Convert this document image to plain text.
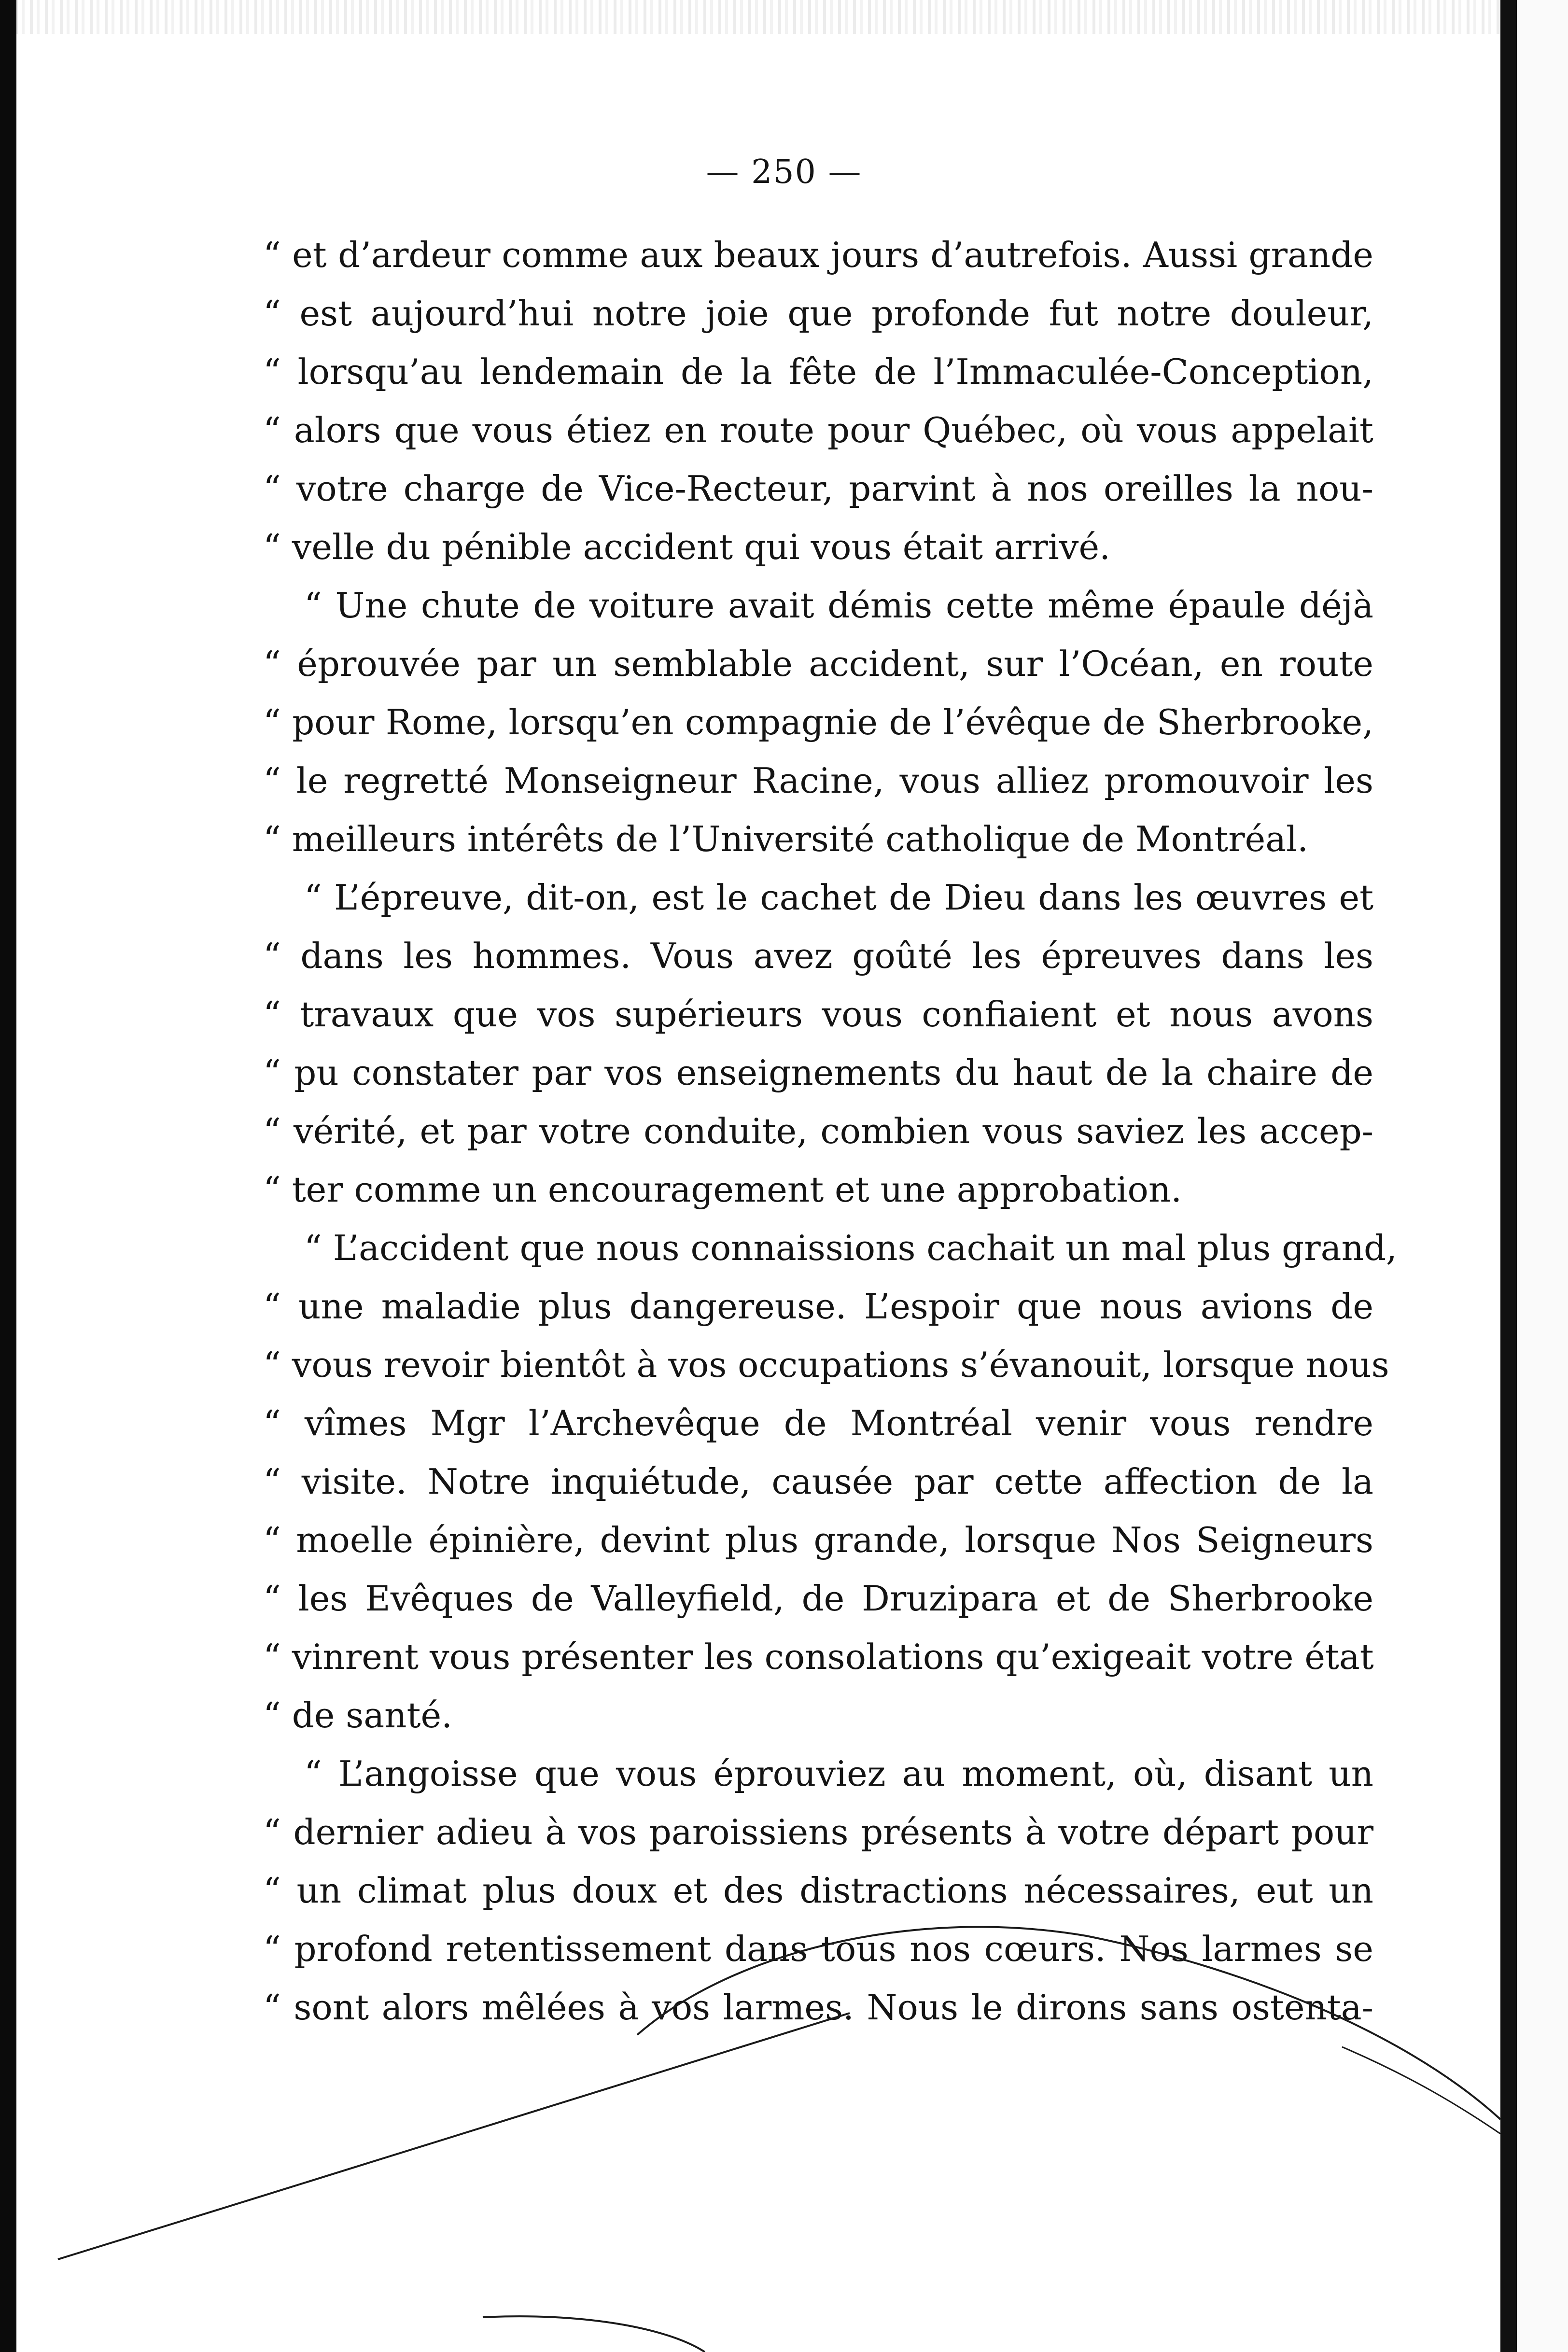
— 250 —
“ et d’ardeur comme aux beaux jours d’autrefois. Aussi grande
“ est aujourd’hui notre joie que profonde fut notre douleur,
“ lorsqu’au lendemain de la fête de l’Immaculée-Conception,
“ alors que vous étiez en route pour Québec, où vous appelait
“ votre charge de Vice-Recteur, parvint à nos oreilles la nou-
“ velle du pénible accident qui vous était arrivé.
“ Une chute de voiture avait démis cette même épaule déjà
“ éprouvée par un semblable accident, sur l’Océan, en route
“ pour Rome, lorsqu’en compagnie de l’évêque de Sherbrooke,
“ le regretté Monseigneur Racine, vous alliez promouvoir les
“ meilleurs intérêts de l’Université catholique de Montréal.
“ L’épreuve, dit-on, est le cachet de Dieu dans les œuvres et
“ dans les hommes. Vous avez goûté les épreuves dans les
“ travaux que vos supérieurs vous confiaient et nous avons
“ pu constater par vos enseignements du haut de la chaire de
“ vérité, et par votre conduite, combien vous saviez les accep-
“ ter comme un encouragement et une approbation.
“ L’accident que nous connaissions cachait un mal plus grand,
“ une maladie plus dangereuse. L’espoir que nous avions de
“ vous revoir bientôt à vos occupations s’évanouit, lorsque nous
“ vîmes Mgr l’Archevêque de Montréal venir vous rendre
“ visite. Notre inquiétude, causée par cette affection de la
“ moelle épinière, devint plus grande, lorsque Nos Seigneurs
“ les Evêques de Valleyfield, de Druzipara et de Sherbrooke
“ vinrent vous présenter les consolations qu’exigeait votre état
“ de santé.
“ L’angoisse que vous éprouviez au moment, où, disant un
“ dernier adieu à vos paroissiens présents à votre départ pour
“ un climat plus doux et des distractions nécessaires, eut un
“ profond retentissement dans tous nos cœurs. Nos larmes se
“ sont alors mêlées à vos larmes. Nous le dirons sans ostenta-
